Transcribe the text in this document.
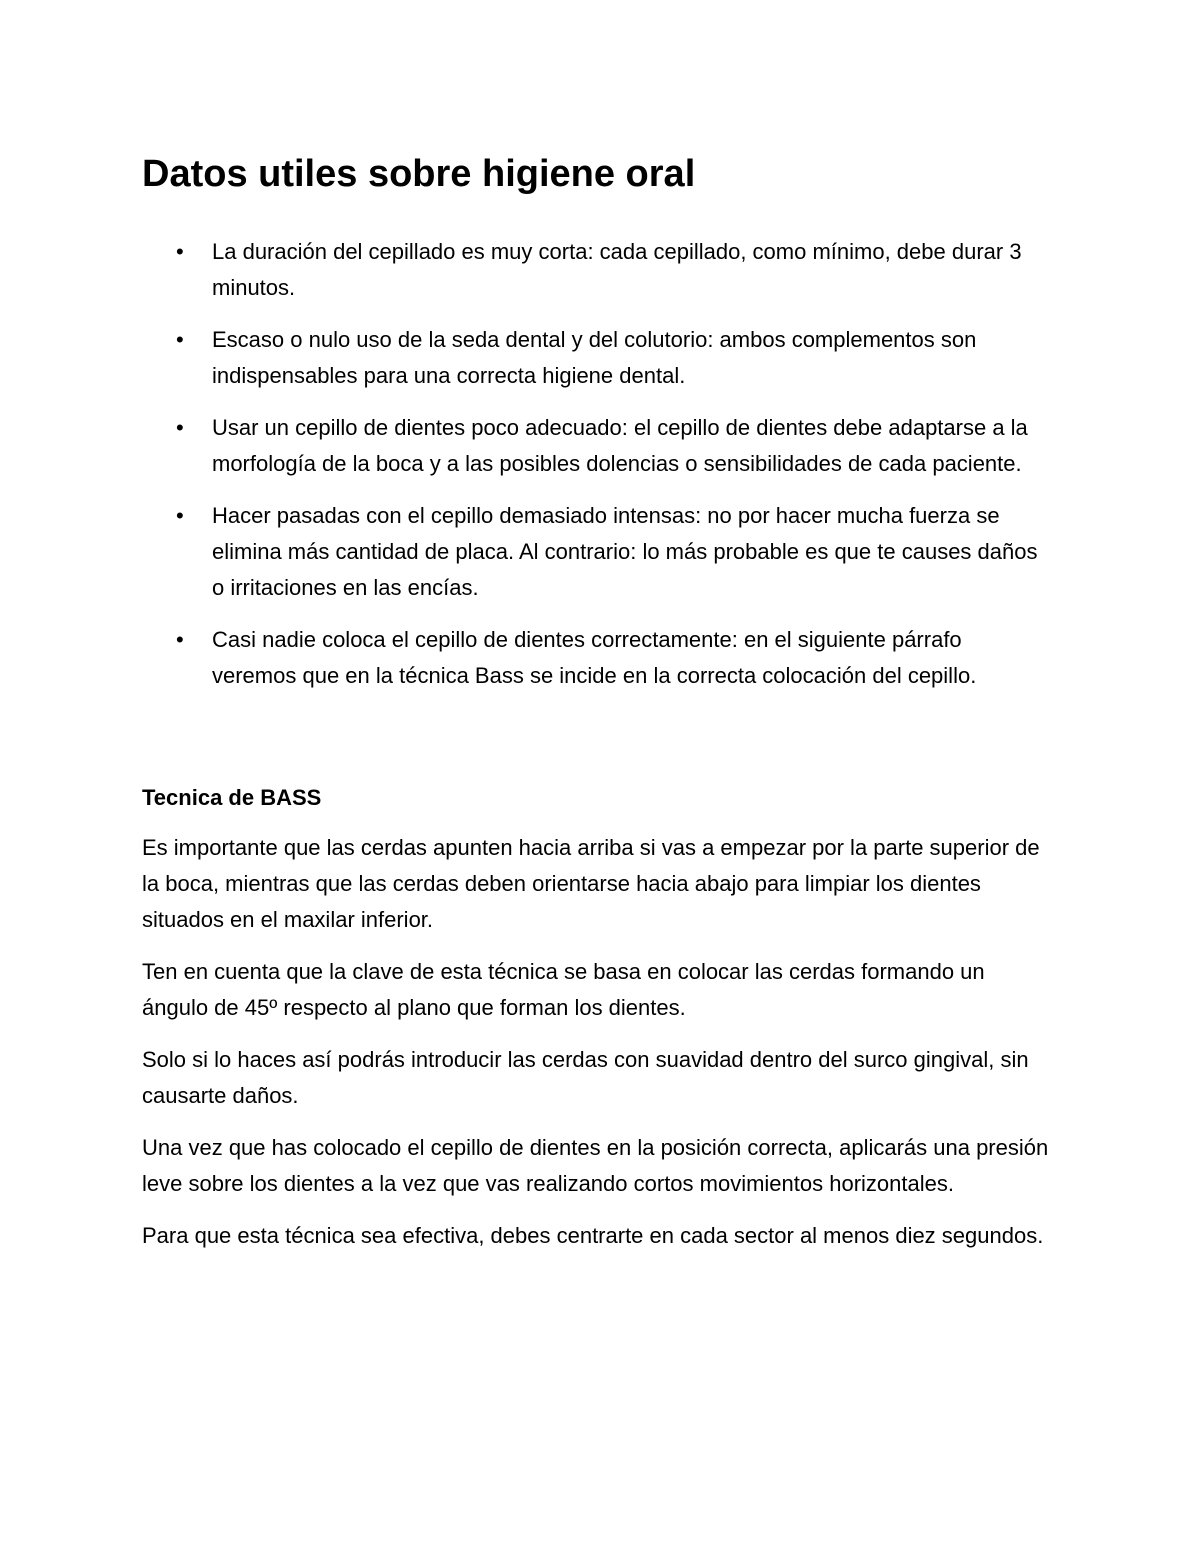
Datos utiles sobre higiene oral
• La duración del cepillado es muy corta: cada cepillado, como mínimo, debe durar 3 minutos.
• Escaso o nulo uso de la seda dental y del colutorio: ambos complementos son indispensables para una correcta higiene dental.
• Usar un cepillo de dientes poco adecuado: el cepillo de dientes debe adaptarse a la morfología de la boca y a las posibles dolencias o sensibilidades de cada paciente.
• Hacer pasadas con el cepillo demasiado intensas: no por hacer mucha fuerza se elimina más cantidad de placa. Al contrario: lo más probable es que te causes daños o irritaciones en las encías.
• Casi nadie coloca el cepillo de dientes correctamente: en el siguiente párrafo veremos que en la técnica Bass se incide en la correcta colocación del cepillo.
Tecnica de BASS

Es importante que las cerdas apunten hacia arriba si vas a empezar por la parte superior de la boca, mientras que las cerdas deben orientarse hacia abajo para limpiar los dientes situados en el maxilar inferior.

Ten en cuenta que la clave de esta técnica se basa en colocar las cerdas formando un ángulo de 45º respecto al plano que forman los dientes.

Solo si lo haces así podrás introducir las cerdas con suavidad dentro del surco gingival, sin causarte daños.

Una vez que has colocado el cepillo de dientes en la posición correcta, aplicarás una presión leve sobre los dientes a la vez que vas realizando cortos movimientos horizontales.

Para que esta técnica sea efectiva, debes centrarte en cada sector al menos diez segundos.
